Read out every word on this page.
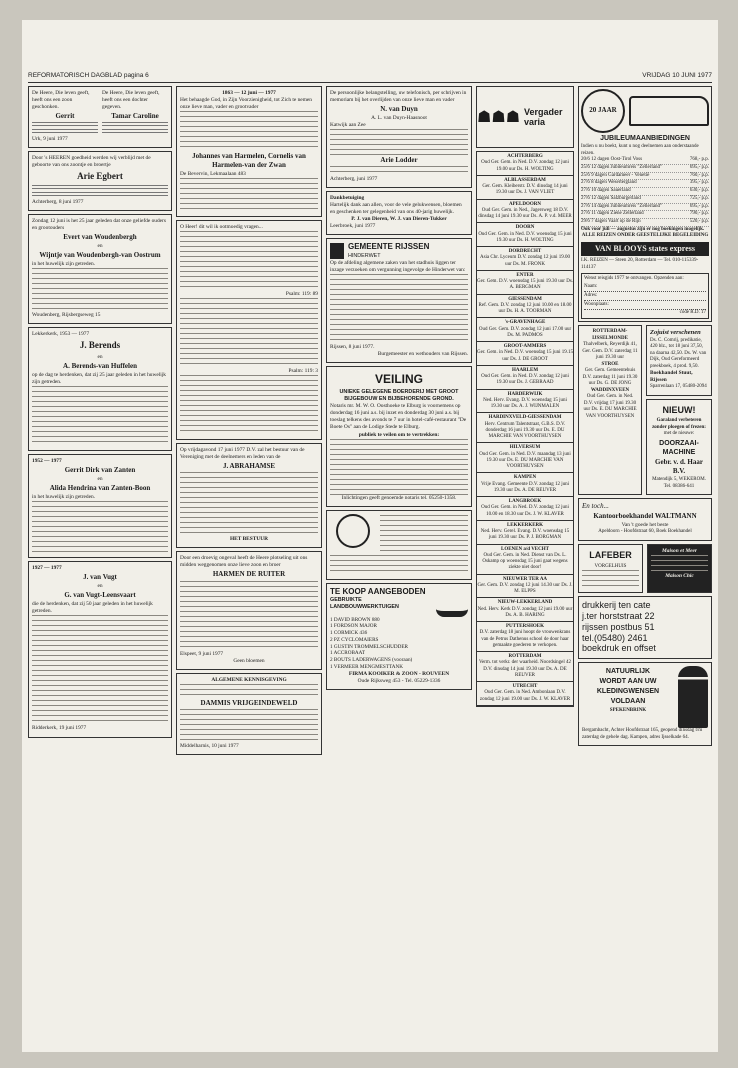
REFORMATORISCH DAGBLAD pagina 6	VRIJDAG 10 JUNI 1977

De Heere, Die leven geeft, heeft ons een zoon geschonken.

Gerrit

De Heere, Die leven geeft, heeft ons een dochter gegeven.

Tamar Caroline

Urk, 9 juni 1977

Door 's HEEREN goedheid werden wij verblijd met de geboorte van ons zoontje en broertje

Arie Egbert

Achterberg, 8 juni 1977

Zondag 12 juni is het 25 jaar geleden dat onze geliefde ouders en grootouders

Evert van Woudenbergh

en

Wijntje van Woudenbergh-van Oostrum

in het huwelijk zijn getreden.

Woudenberg, Rijsbergseweg 15

Lekkerkerk, 1953 — 1977

J. Berends

en

A. Berends-van Huffelen

op de dag te herdenken, dat zij 25 jaar geleden in het huwelijk zijn getreden.

1952 — 1977

Gerrit Dirk van Zanten

en

Alida Hendrina van Zanten-Boon

in het huwelijk zijn getreden.

1927 — 1977

J. van Vugt

en

G. van Vugt-Leensvaart

die de herdenken, dat zij 50 jaar geleden in het huwelijk getreden.

Ridderkerk, 19 juni 1977

1863 — 12 juni — 1977

Het behaagde God, in Zijn Voorzienigheid, tot Zich te nemen onze lieve man, vader en grootvader

Johannes van Harmelen, Cornelis van Harmelen-van der Zwan

De Bevervin, Lekmaalaan 483

O Heer! dit wil ik ootmoedig vragen...

Psalm: 119: 89

Psalm: 119: 3

Op vrijdagavond 17 juni 1977 D.V. zal het bestuur van de Vereniging met de deelnemers en leden van de

J. ABRAHAMSE

HET BESTUUR

Door een droevig ongeval heeft de Heere plotseling uit ons midden weggenomen onze lieve zoon en broer

HARMEN DE RUITER

Elspeet, 9 juni 1977

Geen bloemen

ALGEMENE KENNISGEVING

DAMMIS VRIJGEINDEWELD

Middelharnis, 10 juni 1977

De persoonlijke belangstelling, uw telefonisch, per schrijven in memoriam bij het overlijden van onze lieve man en vader

N. van Duyn

A. L. van Duyn-Haasnoot

Katwijk aan Zee

Arie Lodder

Achterberg, juni 1977

Dankbetuiging

Hartelijk dank aan allen, voor de vele gelukwensen, bloemen en geschenken ter gelegenheid van ons 40-jarig huwelijk.

P. J. van Dieren, W. J. van Dieren-Tukker

Leerbroek, juni 1977

GEMEENTE RIJSSEN

HINDERWET

Op de afdeling algemene zaken van het stadhuis liggen ter inzage verzoeken om vergunning ingevolge de Hinderwet van:

Rijssen, 8 juni 1977.

Burgemeester en wethouders van Rijssen.

VEILING

UNIEKE GELEGENE BOERDERIJ MET GROOT BIJGEBOUW EN BIJBEHORENDE GROND.

Notaris mr. M. W. O. Oosthoeke te Elburg is voornemens op donderdag 16 juni a.s. bij inzet en donderdag 30 juni a.s. bij toeslag telkens des avonds te 7 uur in hotel-café-restaurant "De Boete Os" aan de Lodige Stede te Elburg.

publiek te veilen om te vertrekken:

Inlichtingen geeft genoemde notaris tel. 05250-1358.

TE KOOP AANGEBODEN

GEBRUIKTE LANDBOUWWERKTUIGEN

1 DAVID BROWN 880

1 FORDSON MAJOR

1 CORMICK 436

2 PZ CYCLOMAIERS

1 GUSTIN TROMMELSCHUDDER

1 ACCROBAAT

2 BOUTS LADERWAGENS (vooraan)

1 VERMEER MENGMESTTANK

FIRMA KOOIKER & ZOON - ROUVEEN

Oude Rijksweg 453 - Tel. 05229-1336

☗☗☗ Vergader varia
ACHTERBERG
Oud Ger. Gem. in Ned. D.V. zondag 12 juni 19.00 uur Ds. H. WOLTING
ALBLASSERDAM
Ger. Gem. Kleiberstr. D.V. dinsdag 14 juni 19.30 uur Ds. J. VAN VLIET
APELDOORN
Oud Ger. Gem. in Ned., Jagersweg 18 D.V. dinsdag 14 juni 19.30 uur Ds. A. P. v.d. MEER
DOORN
Oud Ger. Gem. in Ned. D.V. woensdag 15 juni 19.30 uur Ds. H. WOLTING
DORDRECHT
Asia Chr. Lyceum D.V. zondag 12 juni 19.00 uur Ds. M. FRONK
ENTER
Ger. Gem. D.V. woensdag 15 juni 19.30 uur Ds. A. BERGMAN
GIESSENDAM
Ref. Gem. D.V. zondag 12 juni 10.00 en 18.00 uur Ds. H. A. TOORMAN
's-GRAVENHAGE
Oud Ger. Gem. D.V. zondag 12 juni 17.00 uur Ds. M. PADMOS
GROOT-AMMERS
Ger. Gem. in Ned. D.V. woensdag 15 juni 19.15 uur Ds. J. DE GROOT
HAARLEM
Oud Ger. Gem. in Ned. D.V. zondag 12 juni 19.30 uur Ds. J. GEBRAAD
HARDERWIJK
Ned. Herv. Evang. D.V. woensdag 15 juni 19.30 uur Ds. A. J. WIJNMALEN
HARDINXVELD-GIESSENDAM
Herv. Centrum Talentstraat, G.B.S. D.V. donderdag 16 juni 19.30 uur Ds. E. DU MARCHIE VAN VOORTHUYSEN
HILVERSUM
Oud Ger. Gem. in Ned. D.V. maandag 13 juni 19.30 uur Ds. E. DU MARCHIE VAN VOORTHUYSEN
KAMPEN
Vrije Evang. Gemeente D.V. zondag 12 juni 19.30 uur Ds. A. DE REUVER
LANGBROEK
Oud Ger. Gem. in Ned. D.V. zondag 12 juni 10.00 en 18.30 uur Ds. J. W. KLAVER
LEKKERKERK
Ned. Herv. Gerel. Evang. D.V. woensdag 15 juni 19.30 uur Ds. P. J. BORGMAN
LOENEN a/d VECHT
Oud Ger. Gem. in Ned. Dienst van Ds. L. Oskamp op woensdag 15 juni gaat wegens ziekte niet door!
NIEUWER TER AA
Ger. Gem. D.V. zondag 12 juni 14.30 uur Ds. J. M. ELPPS
NIEUW-LEKKERLAND
Ned. Herv. Kerk D.V. zondag 12 juni 19.00 uur Ds. A. B. HARING
PUTTERSHOEK
D.V. zaterdag 18 juni hoopt de vrouwenkrans van de Petrus Dathenus school de door haar gemaakte goederen te verkopen.
ROTTERDAM
Verm. tot verkr. der waarheid. Noordsingel 42 D.V. dinsdag 14 juni 19.30 uur Ds. A. DE REUVER
UTRECHT
Oud Ger. Gem. in Ned. Ambonlaan D.V. zondag 12 juni 19.00 uur Ds. J. W. KLAVER
20 JAAR

JUBILEUMAANBIEDINGEN

Indien u nu boekt, kunt u nog deelnemen aan onderstaande reizen.

20/6 12 dagen Oost-Tirol Voss	768,- p.p.
25/6 12 dagen Jubileumreis "Zellerland"	695,- p.p.
25/6 9 dagen Gardameer - Venetië	760,- p.p.
27/6 8 dagen Wesertergland	395,- p.p.
27/6 10 dagen Sauerland	630,- p.p.
27/6 12 dagen Salzburgerland	725,- p.p.
27/6 14 dagen Jubileumreis "Zellerland"	695,- p.p.
27/6 11 dagen Ziene Zellerland	790,- p.p.
29/6 7 dagen Vaart op de Rijn	520,- p.p.

Ook voor juli — augustus zijn er nog boekingen mogelijk.

ALLE REIZEN ONDER GEESTELIJKE BEGELEIDING

VAN BLOOYS states express

I.K. REIZEN — Steen 20, Rotterdam — Tel. 010-115339-114137

Wenst reisgids 1977 te ontvangen. Opzenden aan:

Naam:
Adres:
Woonplaats:

code R.D. 17

ROTTERDAM-IJSSELMONDE

Thalvelberk, Reyerdijk 41, Ger. Gem. D.V. zaterdag 11 juni 19.30 uur

STROE

Ger. Gem. Gemeentehuis D.V. zaterdag 11 juni 19.30 uur Ds. G. DE JONG

WADDINXVEEN

Oud Ger. Gem. in Ned. D.V. vrijdag 17 juni 19.30 uur Ds. E. DU MARCHIE VAN VOORTHUYSEN

Zojuist verschenen

Ds. C. Comrij, predikatie, 420 blz., tot 18 juni 37,50, na daarna 42,50. Ds. W. van Dijk, Oud Gereformeerd preekboek, 4 prod. 9,50.

Boekhandel Stuut, Rijssen

Sparrenlaan 17, 05480-2094

NIEUW!

Garaland verbeteren zonder ploegen of frezen:

met de nieuwe:

DOORZAAI-MACHINE

Gebr. v. d. Haar B.V.

Matendijk 5, WEKEROM. Tel. 08386-641

En toch...

Kantoorboekhandel WALTMANN

Van 't goede het beste

Apeldoorn - Hoofdstraat 60, Boek Boekhandel

LAFEBER

VORGELHUIS

Maison et Meer

Maison Chic

drukkerij ten cate

j.ter horststraat 22

rijssen postbus 51

tel.(05480) 2461

boekdruk en offset

NATUURLIJK

WORDT AAN UW

KLEDINGWENSEN

VOLDAAN

SPEKENBRINK

Bergambacht, Achter Hoofdstraat 165, geopend dinsdag t/m zaterdag de gehele dag. Kampen, adres Ijsselkade 64.
